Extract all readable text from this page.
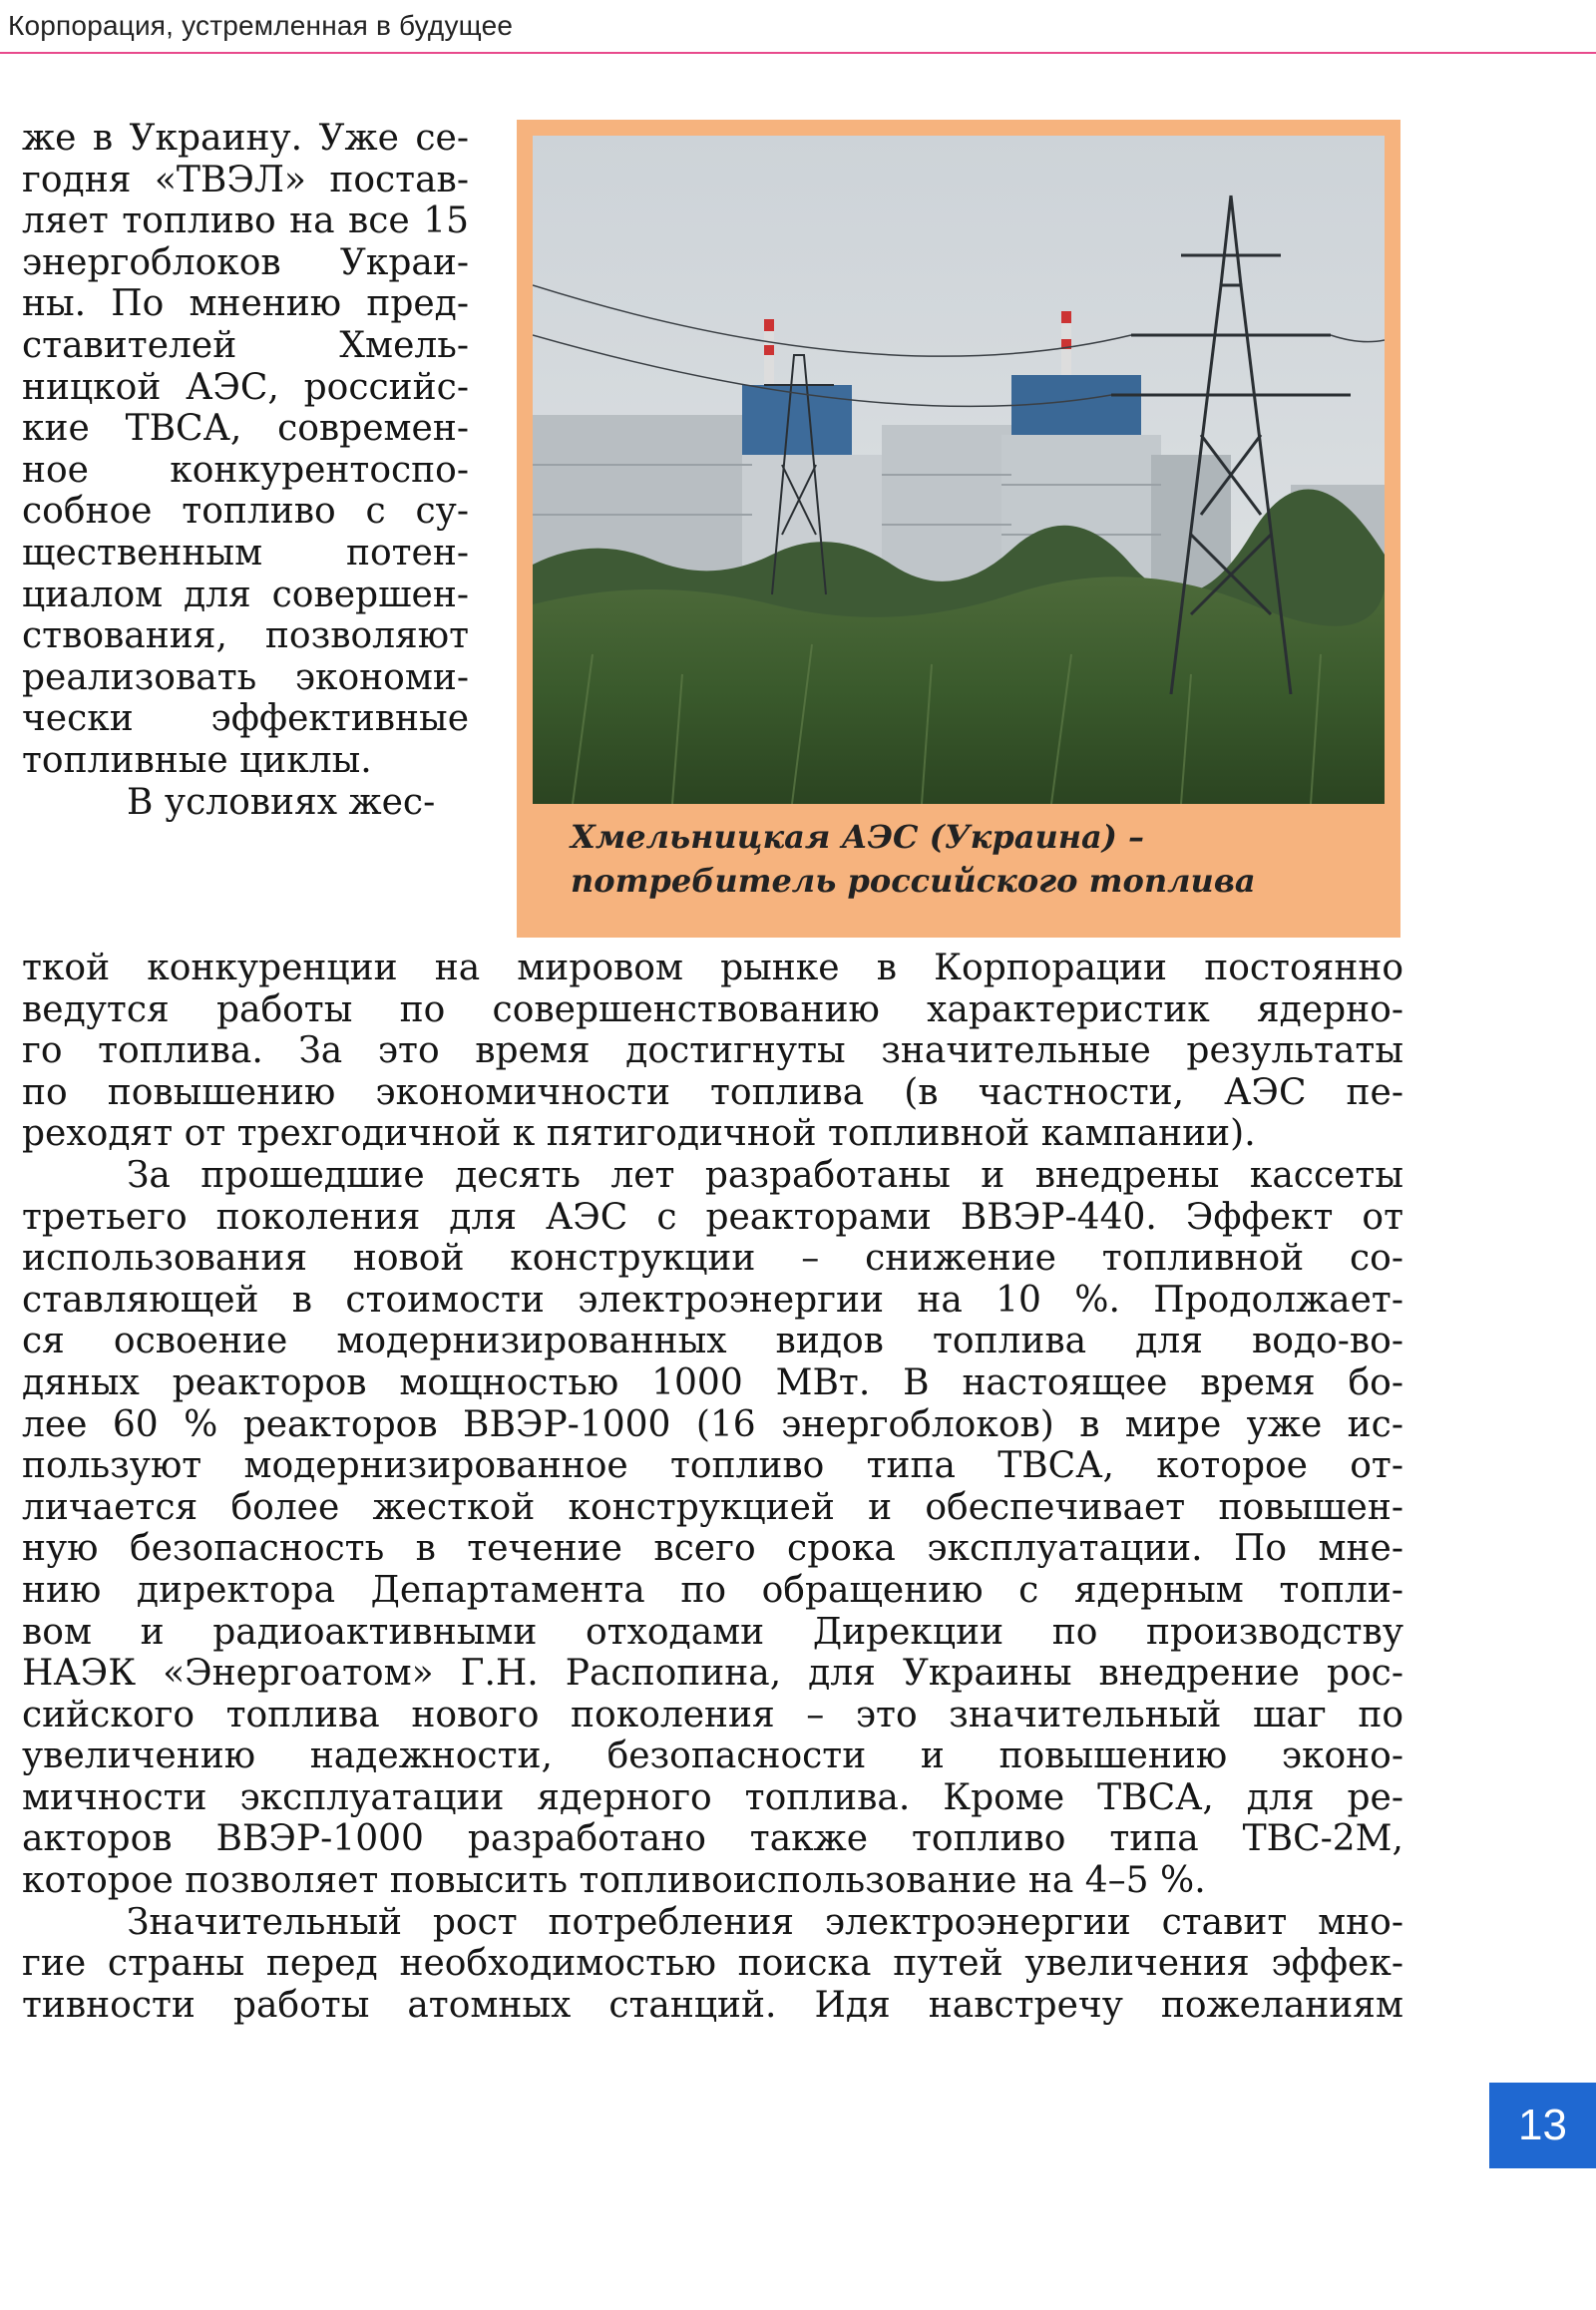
Корпорация, устремленная в будущее
Хмельницкая АЭС (Украина) –
потребитель российского топлива
же в Украину. Уже се-
годня «ТВЭЛ» постав-
ляет топливо на все 15
энергоблоков Украи-
ны. По мнению пред-
ставителей Хмель-
ницкой АЭС, российс-
кие ТВСА, современ-
ное конкурентоспо-
собное топливо с су-
щественным потен-
циалом для совершен-
ствования, позволяют
реализовать экономи-
чески эффективные
топливные циклы.
В условиях жес-
ткой конкуренции на мировом рынке в Корпорации постоянно
ведутся работы по совершенствованию характеристик ядерно-
го топлива. За это время достигнуты значительные результаты
по повышению экономичности топлива (в частности, АЭС пе-
реходят от трехгодичной к пятигодичной топливной кампании).
За прошедшие десять лет разработаны и внедрены кассеты
третьего поколения для АЭС с реакторами ВВЭР-440. Эффект от
использования новой конструкции – снижение топливной со-
ставляющей в стоимости электроэнергии на 10 %. Продолжает-
ся освоение модернизированных видов топлива для водо-во-
дяных реакторов мощностью 1000 МВт. В настоящее время бо-
лее 60 % реакторов ВВЭР-1000 (16 энергоблоков) в мире уже ис-
пользуют модернизированное топливо типа ТВСА, которое от-
личается более жесткой конструкцией и обеспечивает повышен-
ную безопасность в течение всего срока эксплуатации. По мне-
нию директора Департамента по обращению с ядерным топли-
вом и радиоактивными отходами Дирекции по производству
НАЭК «Энергоатом» Г.Н. Распопина, для Украины внедрение рос-
сийского топлива нового поколения – это значительный шаг по
увеличению надежности, безопасности и повышению эконо-
мичности эксплуатации ядерного топлива. Кроме ТВСА, для ре-
акторов ВВЭР-1000 разработано также топливо типа ТВС-2М,
которое позволяет повысить топливоиспользование на 4–5 %.
Значительный рост потребления электроэнергии ставит мно-
гие страны перед необходимостью поиска путей увеличения эффек-
тивности работы атомных станций. Идя навстречу пожеланиям
13
